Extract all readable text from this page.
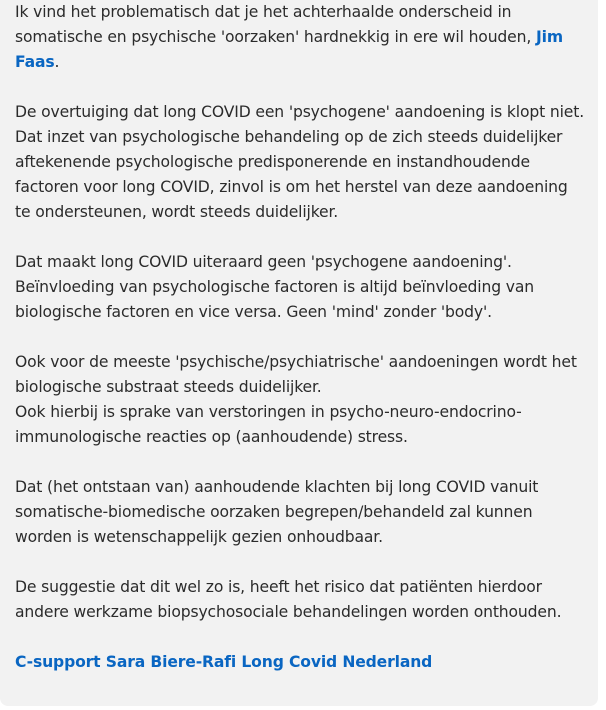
Ik vind het problematisch dat je het achterhaalde onderscheid in somatische en psychische 'oorzaken' hardnekkig in ere wil houden, Jim Faas.

De overtuiging dat long COVID een 'psychogene' aandoening is klopt niet.
Dat inzet van psychologische behandeling op de zich steeds duidelijker aftekenende psychologische predisponerende en instandhoudende factoren voor long COVID, zinvol is om het herstel van deze aandoening te ondersteunen, wordt steeds duidelijker.

Dat maakt long COVID uiteraard geen 'psychogene aandoening'.
Beïnvloeding van psychologische factoren is altijd beïnvloeding van biologische factoren en vice versa. Geen 'mind' zonder 'body'.

Ook voor de meeste 'psychische/psychiatrische' aandoeningen wordt het biologische substraat steeds duidelijker.
Ook hierbij is sprake van verstoringen in psycho-neuro-endocrino-immunologische reacties op (aanhoudende) stress.

Dat (het ontstaan van) aanhoudende klachten bij long COVID vanuit somatische-biomedische oorzaken begrepen/behandeld zal kunnen worden is wetenschappelijk gezien onhoudbaar.

De suggestie dat dit wel zo is, heeft het risico dat patiënten hierdoor andere werkzame biopsychosociale behandelingen worden onthouden.

C-support Sara Biere-Rafi Long Covid Nederland
